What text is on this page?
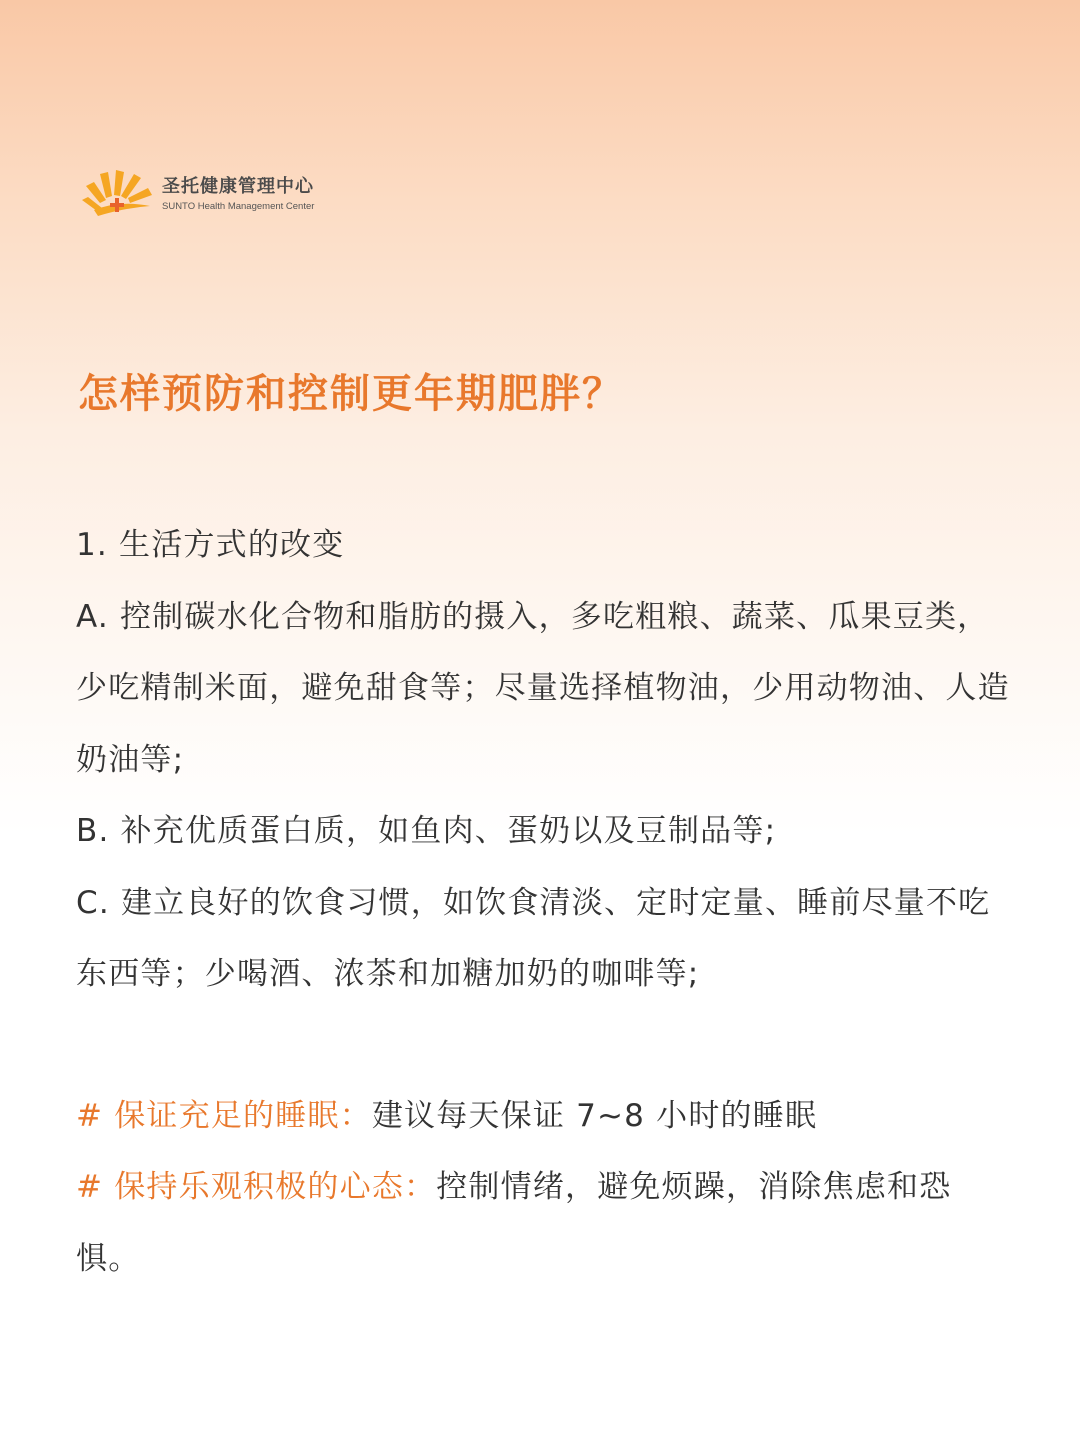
圣托健康管理中心
SUNTO Health Management Center
怎样预防和控制更年期肥胖？

1. 生活方式的改变

A. 控制碳水化合物和脂肪的摄入，多吃粗粮、蔬菜、瓜果豆类，少吃精制米面，避免甜食等；尽量选择植物油，少用动物油、人造奶油等;

B. 补充优质蛋白质，如鱼肉、蛋奶以及豆制品等;

C. 建立良好的饮食习惯，如饮食清淡、定时定量、睡前尽量不吃东西等；少喝酒、浓茶和加糖加奶的咖啡等;

# 保证充足的睡眠：建议每天保证 7~8 小时的睡眠

# 保持乐观积极的心态：控制情绪，避免烦躁，消除焦虑和恐惧。
